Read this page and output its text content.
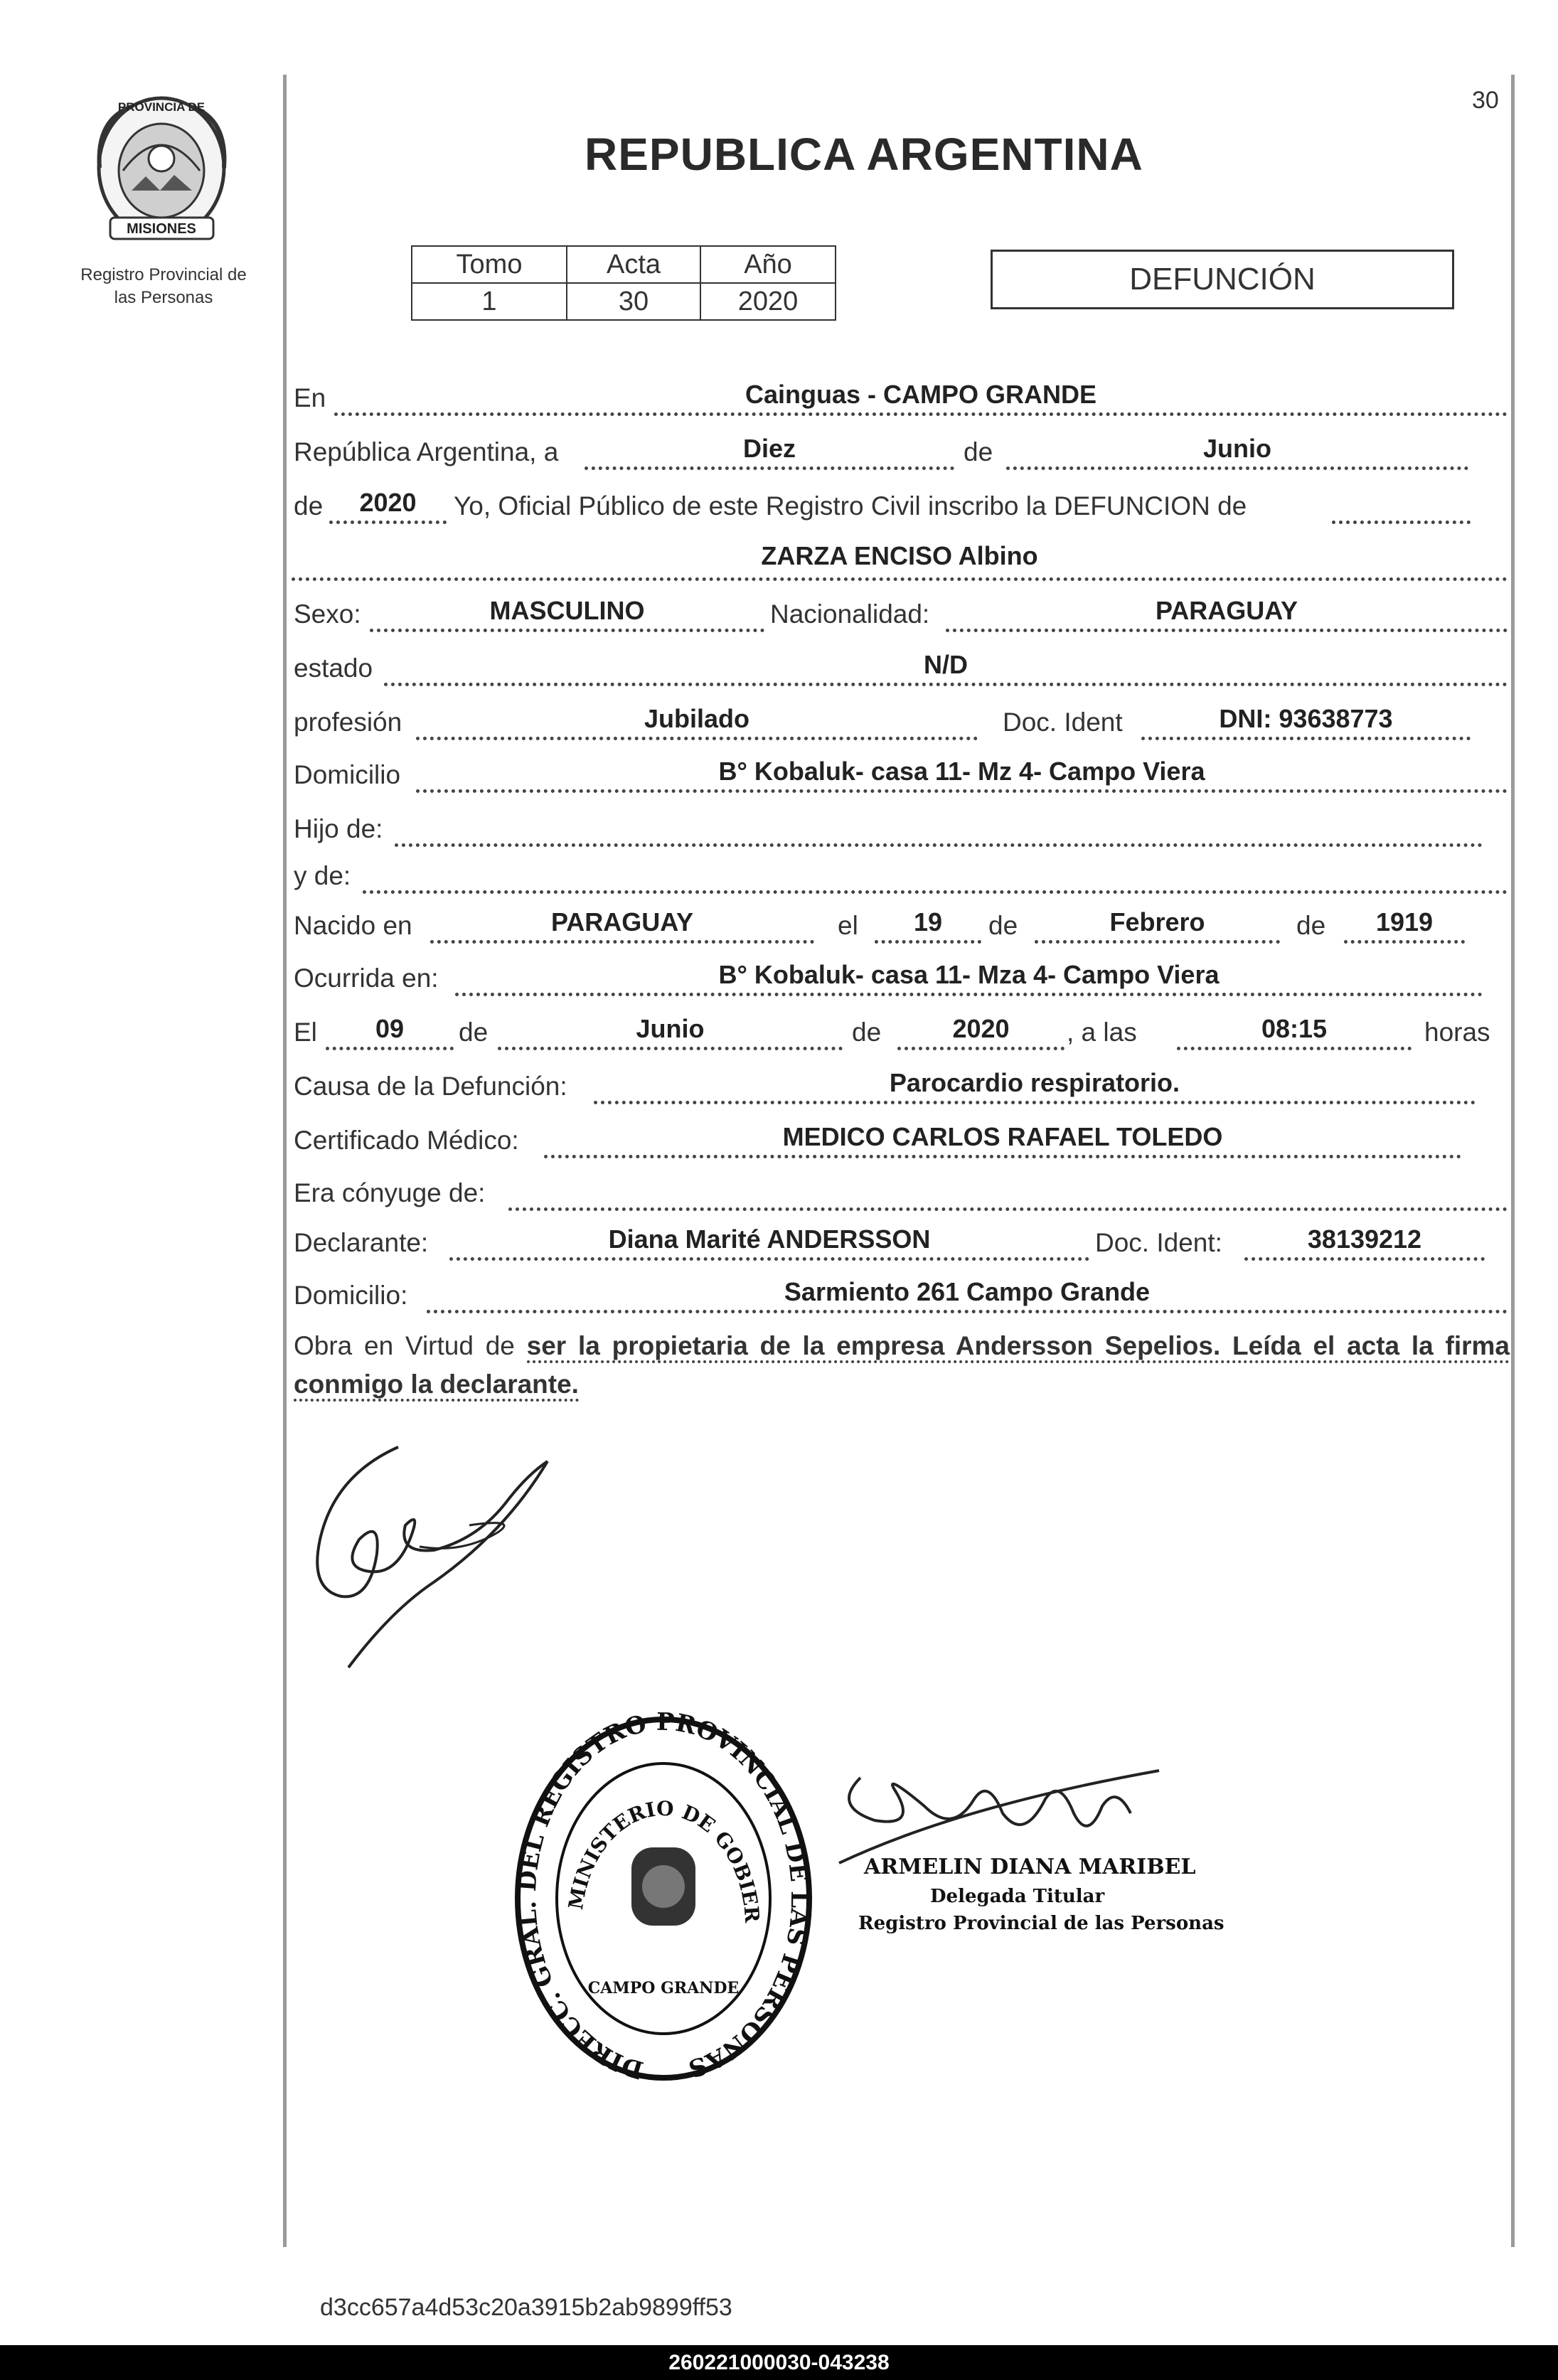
PROVINCIA DE
MISIONES
Registro Provincial de
las Personas
30
REPUBLICA ARGENTINA
Tomo	Acta	Año
1	30	2020
DEFUNCIÓN
En	Cainguas - CAMPO GRANDE
República Argentina, a	Diez	de	Junio
de	2020	Yo, Oficial Público de este Registro Civil inscribo la DEFUNCION de
ZARZA ENCISO Albino
Sexo:	MASCULINO	Nacionalidad:	PARAGUAY
estado	N/D
profesión	Jubilado	Doc. Ident	DNI: 93638773
Domicilio	B° Kobaluk- casa 11- Mz 4- Campo Viera
Hijo de:
y de:
Nacido en	PARAGUAY	el	19	de	Febrero	de	1919
Ocurrida en:	B° Kobaluk- casa 11- Mza 4- Campo Viera
El	09	de	Junio	de	2020	, a las	08:15	horas
Causa de la Defunción:	Parocardio respiratorio.
Certificado Médico:	MEDICO CARLOS RAFAEL TOLEDO
Era cónyuge de:
Declarante:	Diana Marité ANDERSSON	Doc. Ident:	38139212
Domicilio:	Sarmiento 261 Campo Grande
Obra en Virtud de ser la propietaria de la empresa Andersson Sepelios. Leída el acta la firma conmigo la declarante.
DIRECC. GRAL. DEL REGISTRO PROVINCIAL DE LAS PERSONAS
MINISTERIO DE GOBIER
CAMPO GRANDE
ARMELIN DIANA MARIBEL
Delegada Titular
Registro Provincial de las Personas
d3cc657a4d53c20a3915b2ab9899ff53
260221000030-043238
